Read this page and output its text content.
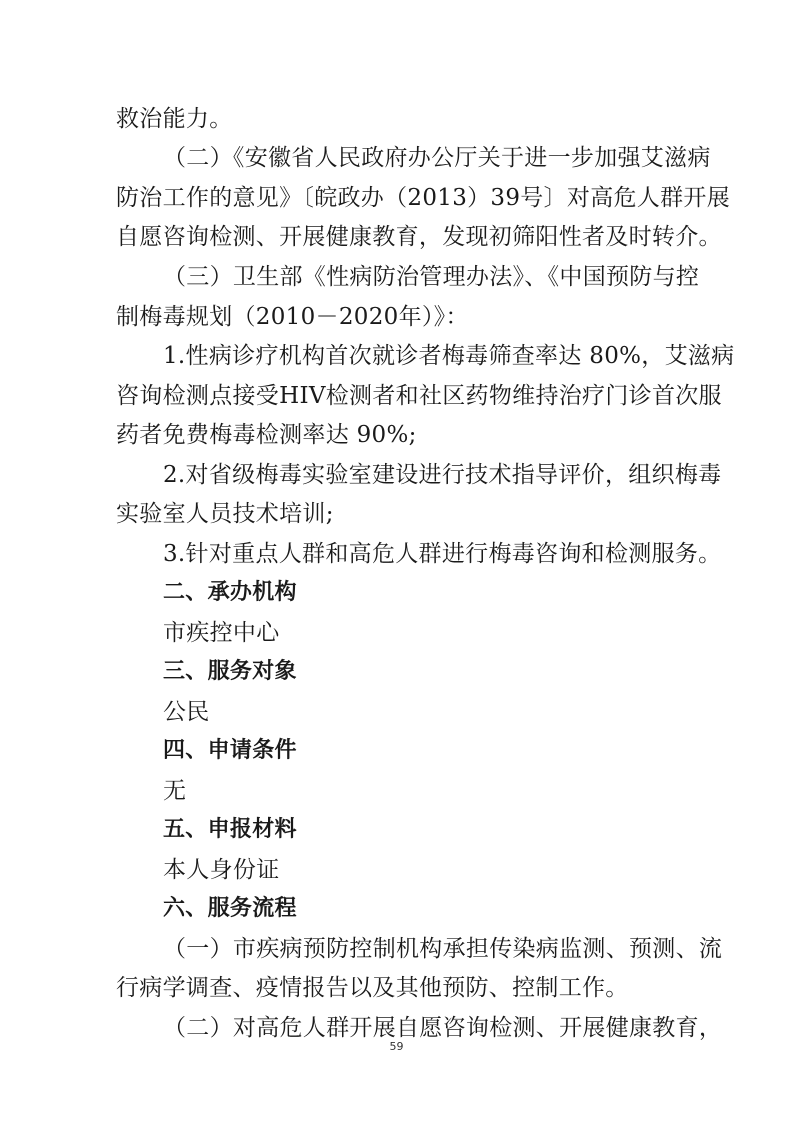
救治能力。
（二）《安徽省人民政府办公厅关于进一步加强艾滋病
防治工作的意见》〔皖政办（2013）39号〕对高危人群开展
自愿咨询检测、开展健康教育，发现初筛阳性者及时转介。
（三）卫生部《性病防治管理办法》、《中国预防与控
制梅毒规划（2010－2020年）》：
1.性病诊疗机构首次就诊者梅毒筛查率达 80%，艾滋病
咨询检测点接受HIV检测者和社区药物维持治疗门诊首次服
药者免费梅毒检测率达 90%;
2.对省级梅毒实验室建设进行技术指导评价，组织梅毒
实验室人员技术培训;
3.针对重点人群和高危人群进行梅毒咨询和检测服务。
二、承办机构
市疾控中心
三、服务对象
公民
四、申请条件
无
五、申报材料
本人身份证
六、服务流程
（一）市疾病预防控制机构承担传染病监测、预测、流
行病学调查、疫情报告以及其他预防、控制工作。
（二）对高危人群开展自愿咨询检测、开展健康教育，
59
